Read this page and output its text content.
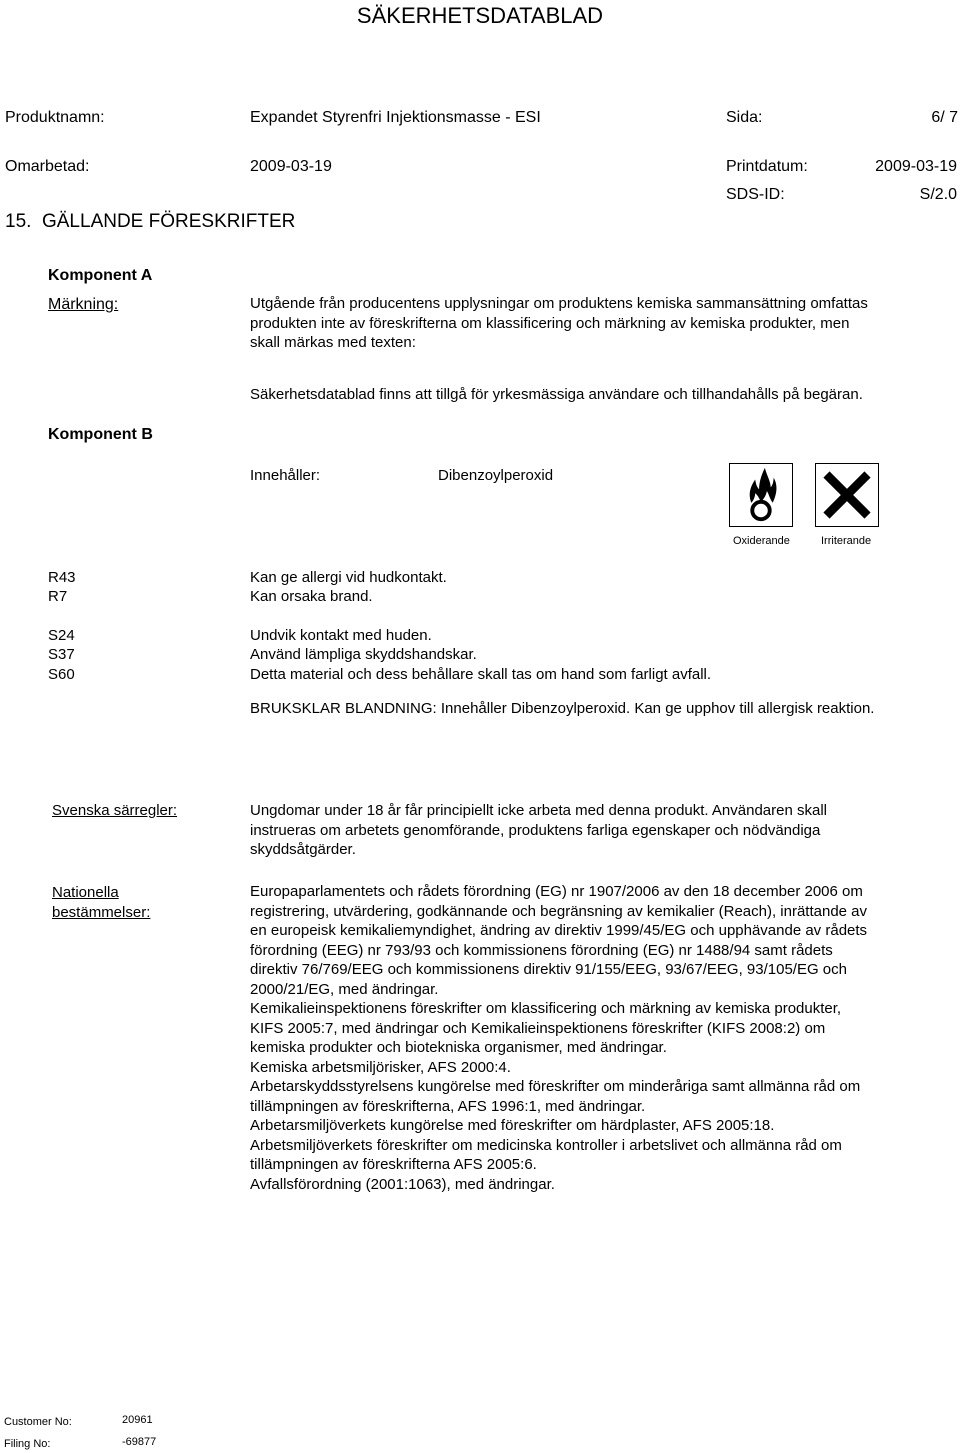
SÄKERHETSDATABLAD
Produktnamn:	Expandet Styrenfri Injektionsmasse - ESI	Sida:	6/ 7
Omarbetad:	2009-03-19	Printdatum:	2009-03-19
SDS-ID:	S/2.0
15. GÄLLANDE FÖRESKRIFTER
Komponent A
Märkning:	Utgående från producentens upplysningar om produktens kemiska sammansättning omfattas
produkten inte av föreskrifterna om klassificering och märkning av kemiska produkter, men
skall märkas med texten:
Säkerhetsdatablad finns att tillgå för yrkesmässiga användare och tillhandahålls på begäran.
Komponent B
Innehåller:	Dibenzoylperoxid
Oxiderande	Irriterande
R43	Kan ge allergi vid hudkontakt.
R7	Kan orsaka brand.
S24	Undvik kontakt med huden.
S37	Använd lämpliga skyddshandskar.
S60	Detta material och dess behållare skall tas om hand som farligt avfall.
BRUKSKLAR BLANDNING: Innehåller Dibenzoylperoxid. Kan ge upphov till allergisk reaktion.
Svenska särregler:	Ungdomar under 18 år får principiellt icke arbeta med denna produkt. Användaren skall
instrueras om arbetets genomförande, produktens farliga egenskaper och nödvändiga
skyddsåtgärder.
Nationella
bestämmelser:
Europaparlamentets och rådets förordning (EG) nr 1907/2006 av den 18 december 2006 om
registrering, utvärdering, godkännande och begränsning av kemikalier (Reach), inrättande av
en europeisk kemikaliemyndighet, ändring av direktiv 1999/45/EG och upphävande av rådets
förordning (EEG) nr 793/93 och kommissionens förordning (EG) nr 1488/94 samt rådets
direktiv 76/769/EEG och kommissionens direktiv 91/155/EEG, 93/67/EEG, 93/105/EG och
2000/21/EG, med ändringar.
Kemikalieinspektionens föreskrifter om klassificering och märkning av kemiska produkter,
KIFS 2005:7, med ändringar och Kemikalieinspektionens föreskrifter (KIFS 2008:2) om
kemiska produkter och biotekniska organismer, med ändringar.
Kemiska arbetsmiljörisker, AFS 2000:4.
Arbetarskyddsstyrelsens kungörelse med föreskrifter om minderåriga samt allmänna råd om
tillämpningen av föreskrifterna, AFS 1996:1, med ändringar.
Arbetarsmiljöverkets kungörelse med föreskrifter om härdplaster, AFS 2005:18.
Arbetsmiljöverkets föreskrifter om medicinska kontroller i arbetslivet och allmänna råd om
tillämpningen av föreskrifterna AFS 2005:6.
Avfallsförordning (2001:1063), med ändringar.
Customer No:	20961
Filing No:	-69877
